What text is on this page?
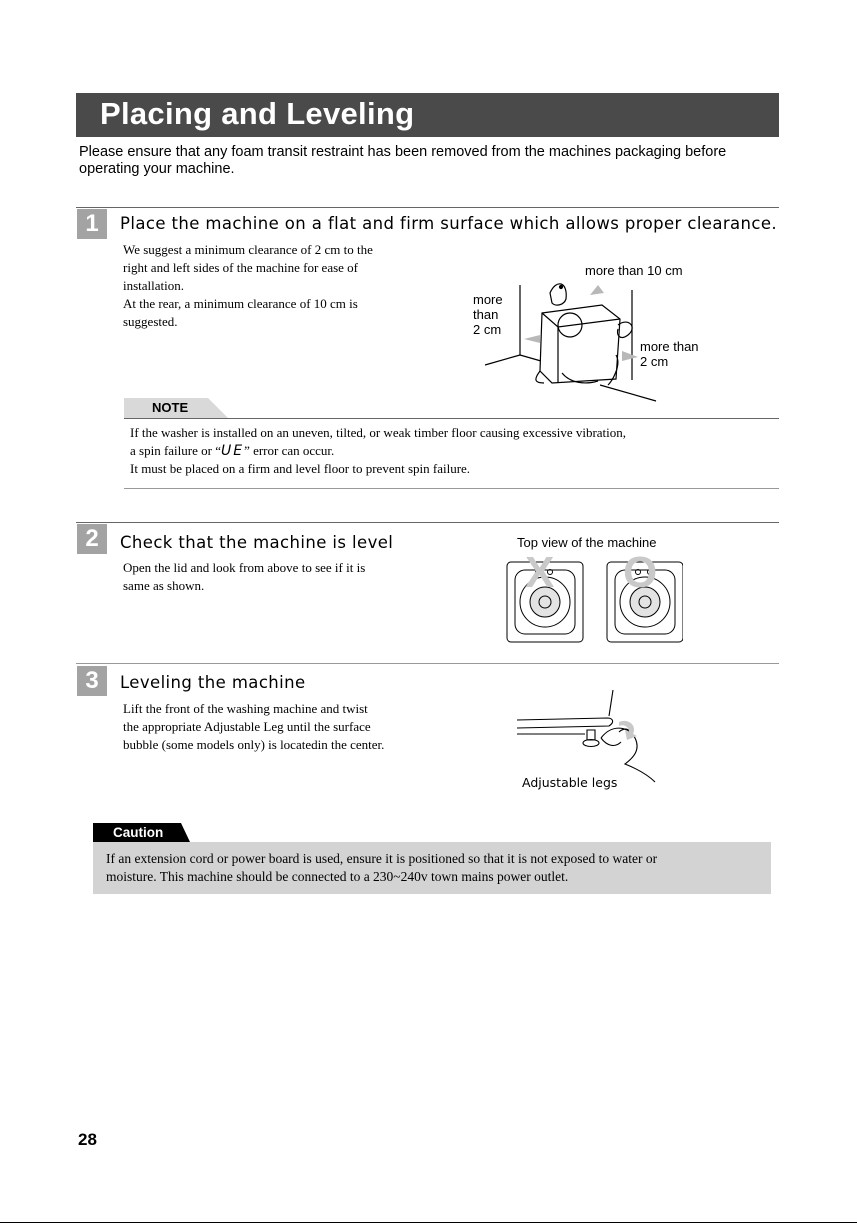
Placing and Leveling
Please ensure that any foam transit restraint has been removed from the machines packaging before operating your machine.
1	Place the machine on a flat and firm surface which allows proper clearance.
We suggest a minimum clearance of 2 cm to the
right and left sides of the machine for ease of
installation.
At the rear, a minimum clearance of 10 cm is
suggested.
more than 10 cm
more
than
2 cm
more than
2 cm
NOTE
If the washer is installed on an uneven, tilted, or weak timber floor causing excessive vibration,
a spin failure or “UE” error can occur.
It must be placed on a firm and level floor to prevent spin failure.
2	Check that the machine is level
Open the lid and look from above to see if it is
same as shown.
Top view of the machine
X O
3	Leveling the machine
Lift the front of the washing machine and twist
the appropriate Adjustable Leg until the surface
bubble (some models only) is locatedin the center.
Adjustable legs
Caution
If an extension cord or power board is used, ensure it is positioned so that it is not exposed to water or
moisture. This machine should be connected to a 230~240v town mains power outlet.
28
